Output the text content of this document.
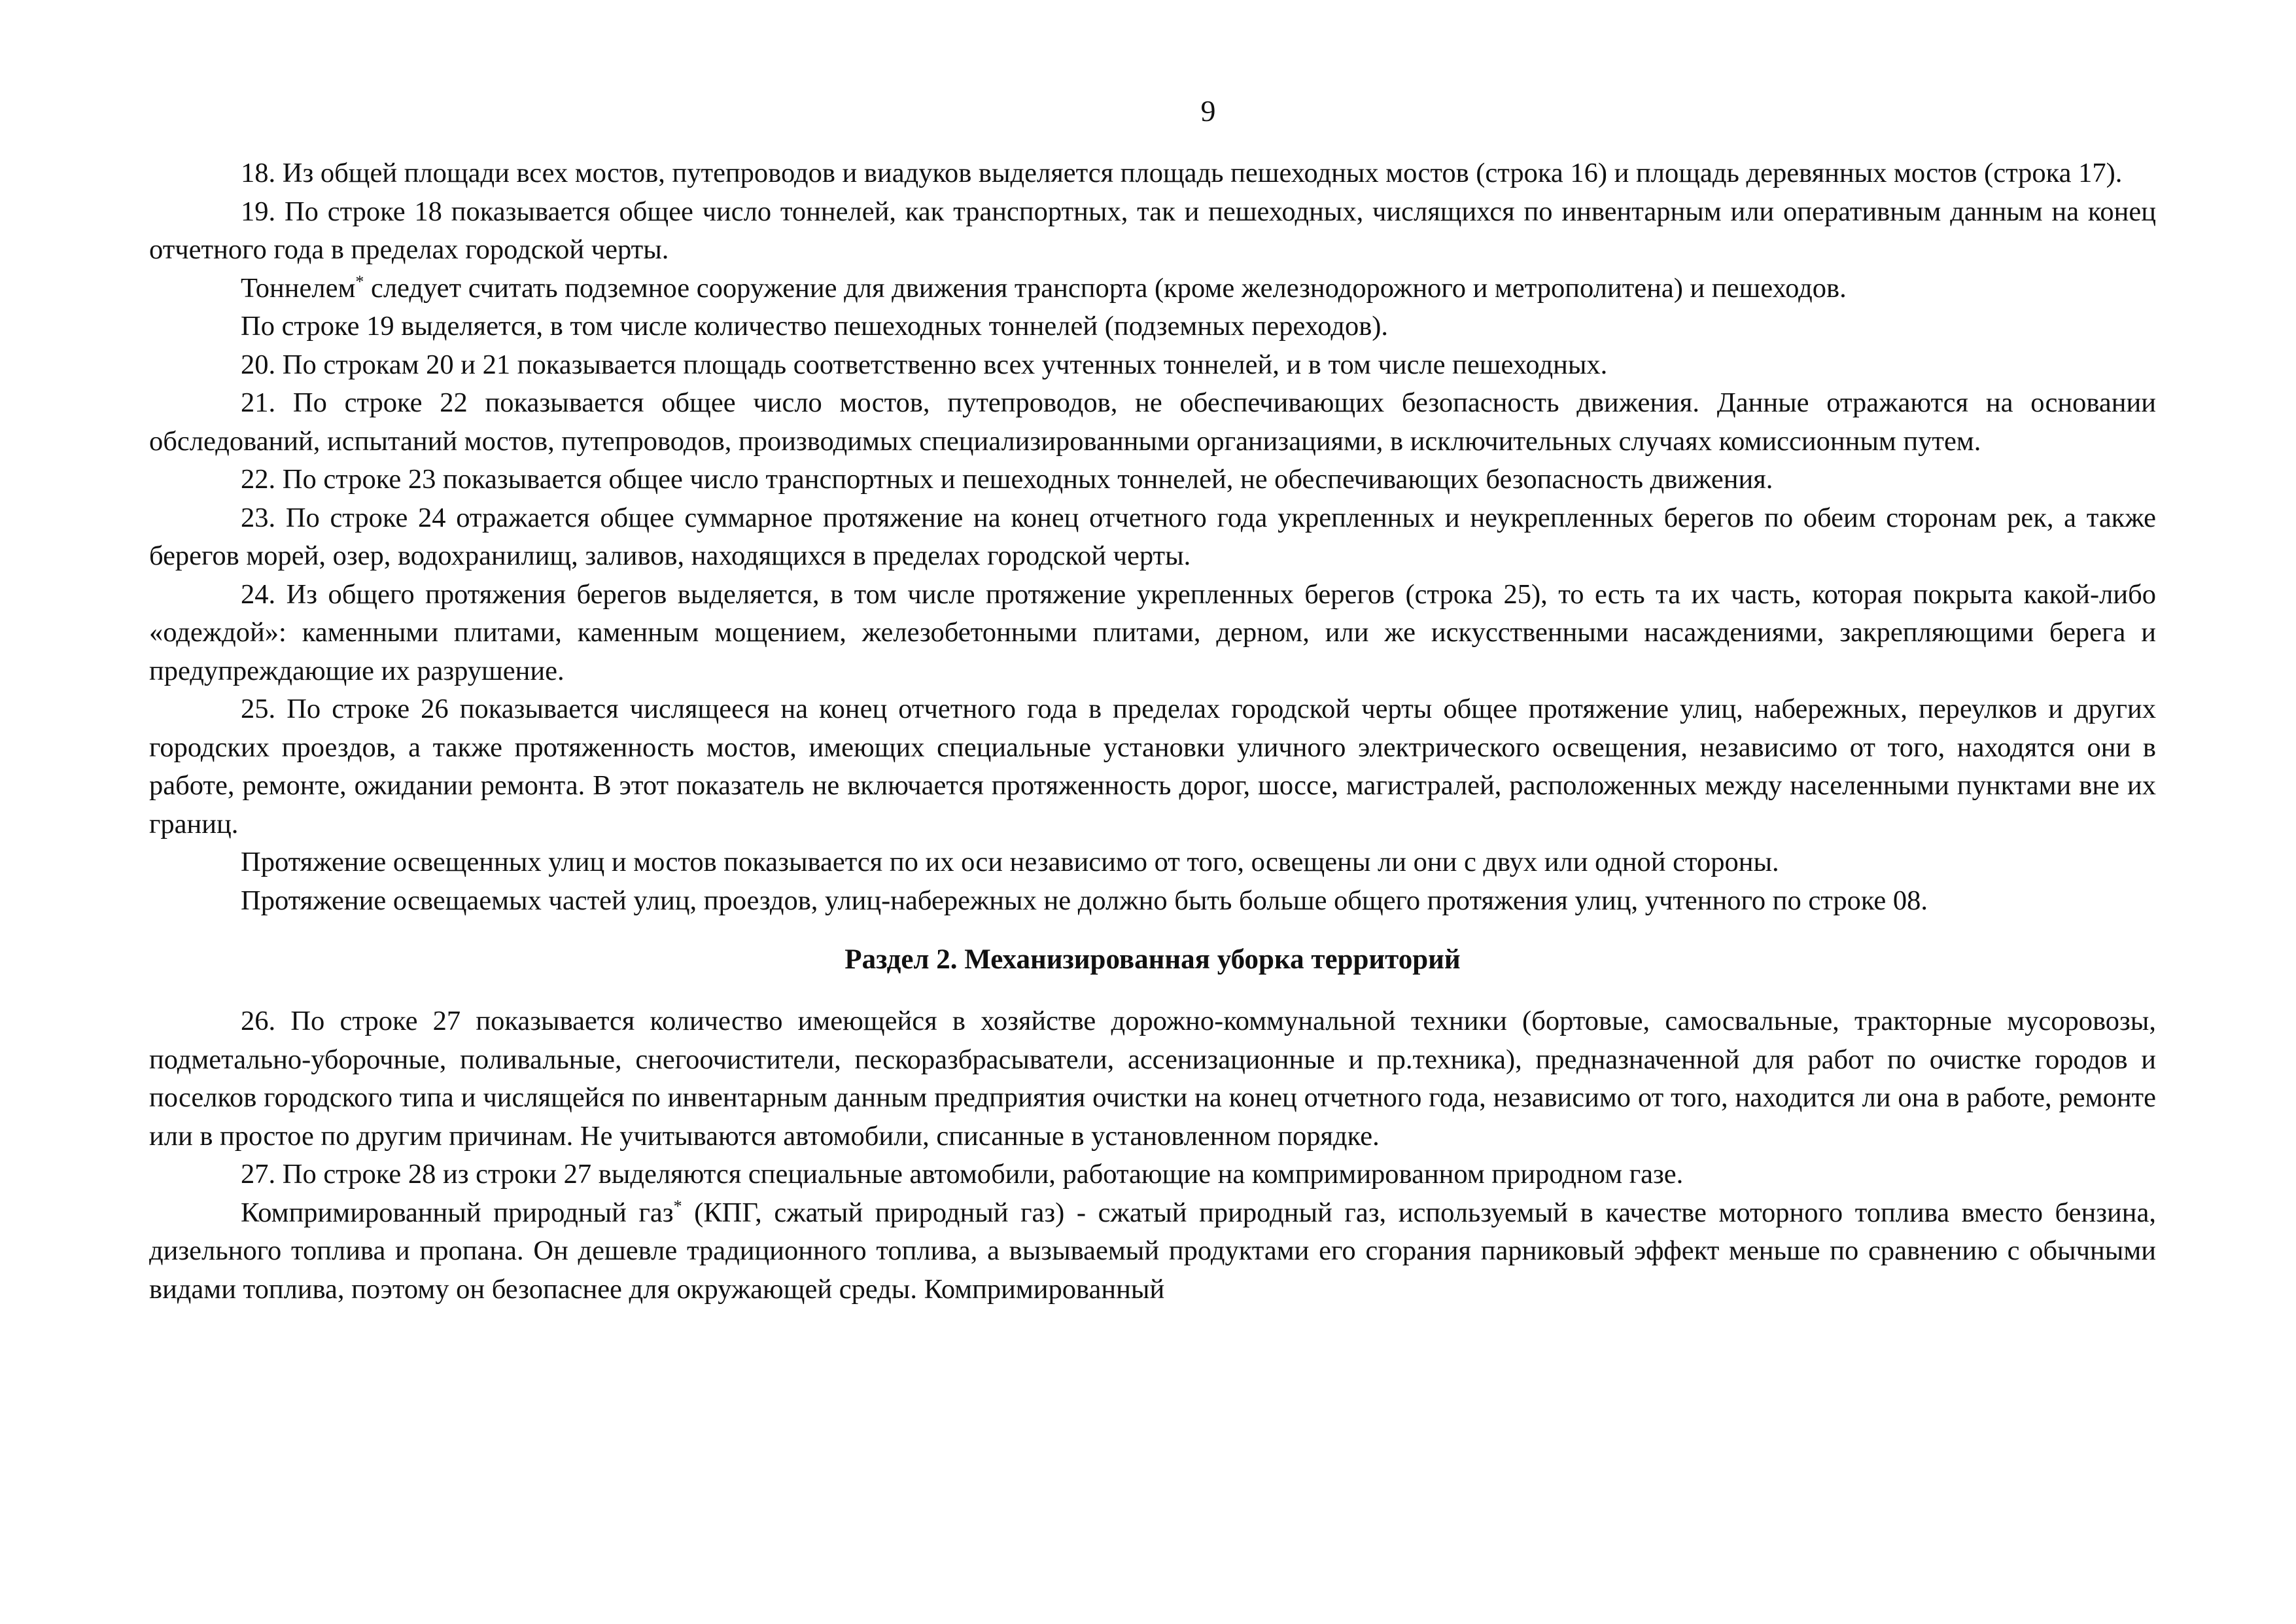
9

18. Из общей площади всех мостов, путепроводов и виадуков выделяется площадь пешеходных мостов (строка 16) и площадь деревянных мостов (строка 17).

19. По строке 18 показывается общее число тоннелей, как транспортных, так и пешеходных, числящихся по инвентарным или оперативным данным на конец отчетного года в пределах городской черты.

Тоннелем* следует считать подземное сооружение для движения транспорта (кроме железнодорожного и метрополитена) и пешеходов.

По строке 19 выделяется, в том числе количество пешеходных тоннелей (подземных переходов).

20. По строкам 20 и 21 показывается площадь соответственно всех учтенных тоннелей, и в том числе пешеходных.

21. По строке 22 показывается общее число мостов, путепроводов, не обеспечивающих безопасность движения. Данные отражаются на основании обследований, испытаний мостов, путепроводов, производимых специализированными организациями, в исключительных случаях комиссионным путем.

22. По строке 23 показывается общее число транспортных и пешеходных тоннелей, не обеспечивающих безопасность движения.

23. По строке 24 отражается общее суммарное протяжение на конец отчетного года укрепленных и неукрепленных берегов по обеим сторонам рек, а также берегов морей, озер, водохранилищ, заливов, находящихся в пределах городской черты.

24. Из общего протяжения берегов выделяется, в том числе протяжение укрепленных берегов (строка 25), то есть та их часть, которая покрыта какой-либо «одеждой»: каменными плитами, каменным мощением, железобетонными плитами, дерном, или же искусственными насаждениями, закрепляющими берега и предупреждающие их разрушение.

25. По строке 26 показывается числящееся на конец отчетного года в пределах городской черты общее протяжение улиц, набережных, переулков и других городских проездов, а также протяженность мостов, имеющих специальные установки уличного электрического освещения, независимо от того, находятся они в работе, ремонте, ожидании ремонта. В этот показатель не включается протяженность дорог, шоссе, магистралей, расположенных между населенными пунктами вне их границ.

Протяжение освещенных улиц и мостов показывается по их оси независимо от того, освещены ли они с двух или одной стороны.

Протяжение освещаемых частей улиц, проездов, улиц-набережных не должно быть больше общего протяжения улиц, учтенного по строке 08.

Раздел 2. Механизированная уборка территорий

26. По строке 27 показывается количество имеющейся в хозяйстве дорожно-коммунальной техники (бортовые, самосвальные, тракторные мусоровозы, подметально-уборочные, поливальные, снегоочистители, пескоразбрасыватели, ассенизационные и пр.техника), предназначенной для работ по очистке городов и поселков городского типа и числящейся по инвентарным данным предприятия очистки на конец отчетного года, независимо от того, находится ли она в работе, ремонте или в простое по другим причинам. Не учитываются автомобили, списанные в установленном порядке.

27. По строке 28 из строки 27 выделяются специальные автомобили, работающие на компримированном природном газе.

Компримированный природный газ* (КПГ, сжатый природный газ) - сжатый природный газ, используемый в качестве моторного топлива вместо бензина, дизельного топлива и пропана. Он дешевле традиционного топлива, а вызываемый продуктами его сгорания парниковый эффект меньше по сравнению с обычными видами топлива, поэтому он безопаснее для окружающей среды. Компримированный
